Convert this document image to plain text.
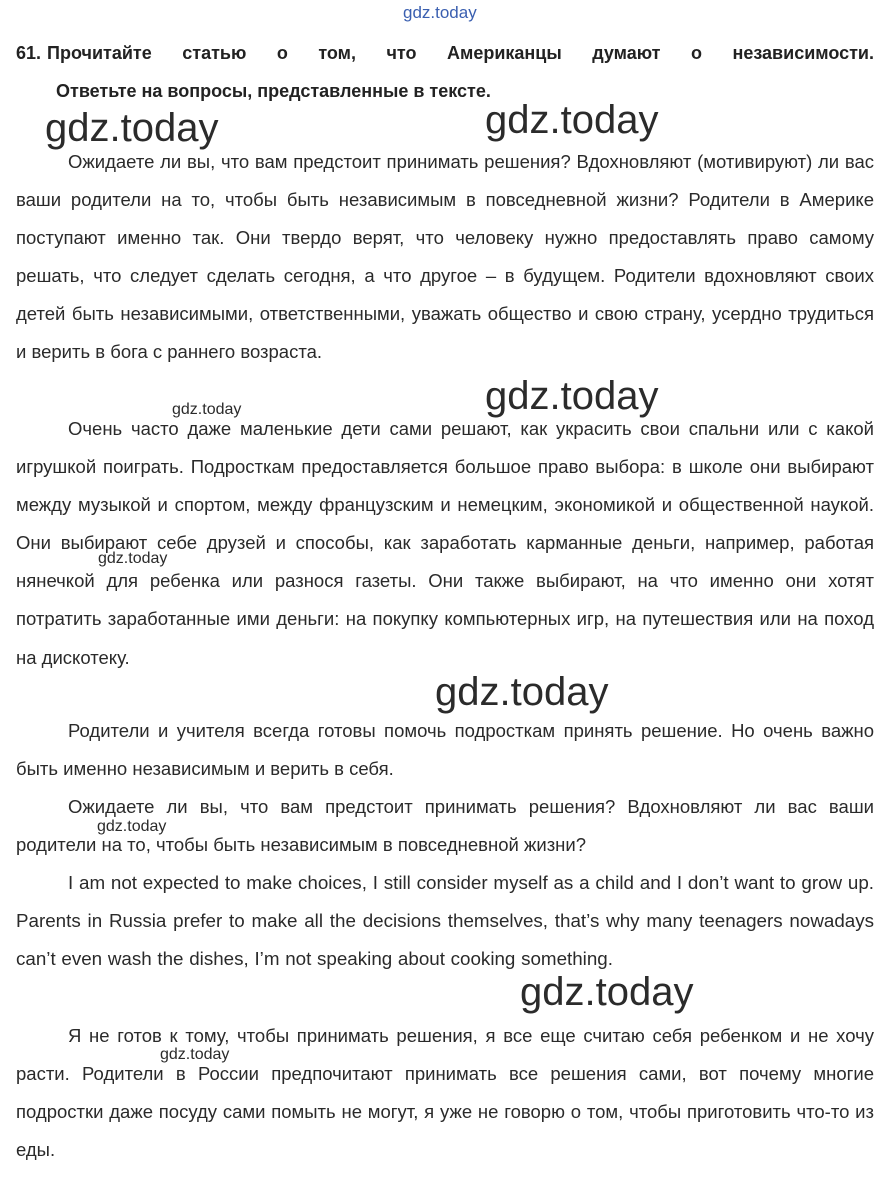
gdz.today
61. Прочитайте статью о том, что Американцы думают о независимости.
Ответьте на вопросы, представленные в тексте.

Ожидаете ли вы, что вам предстоит принимать решения? Вдохновляют (мотивируют) ли вас ваши родители на то, чтобы быть независимым в повседневной жизни? Родители в Америке поступают именно так. Они твердо верят, что человеку нужно предоставлять право самому решать, что следует сделать сегодня, а что другое – в будущем. Родители вдохновляют своих детей быть независимыми, ответственными, уважать общество и свою страну, усердно трудиться и верить в бога с раннего возраста.

Очень часто даже маленькие дети сами решают, как украсить свои спальни или с какой игрушкой поиграть. Подросткам предоставляется большое право выбора: в школе они выбирают между музыкой и спортом, между французским и немецким, экономикой и общественной наукой. Они выбирают себе друзей и способы, как заработать карманные деньги, например, работая нянечкой для ребенка или разнося газеты. Они также выбирают, на что именно они хотят потратить заработанные ими деньги: на покупку компьютерных игр, на путешествия или на поход на дискотеку.

Родители и учителя всегда готовы помочь подросткам принять решение. Но очень важно быть именно независимым и верить в себя.

Ожидаете ли вы, что вам предстоит принимать решения? Вдохновляют ли вас ваши родители на то, чтобы быть независимым в повседневной жизни?

I am not expected to make choices, I still consider myself as a child and I don’t want to grow up. Parents in Russia prefer to make all the decisions themselves, that’s why many teenagers nowadays can’t even wash the dishes, I’m not speaking about cooking something.

Я не готов к тому, чтобы принимать решения, я все еще считаю себя ребенком и не хочу расти. Родители в России предпочитают принимать все решения сами, вот почему многие подростки даже посуду сами помыть не могут, я уже не говорю о том, чтобы приготовить что-то из еды.

gdz.today	gdz.today
gdz.today
gdz.today
gdz.today
gdz.today
gdz.today
gdz.today
gdz.today
